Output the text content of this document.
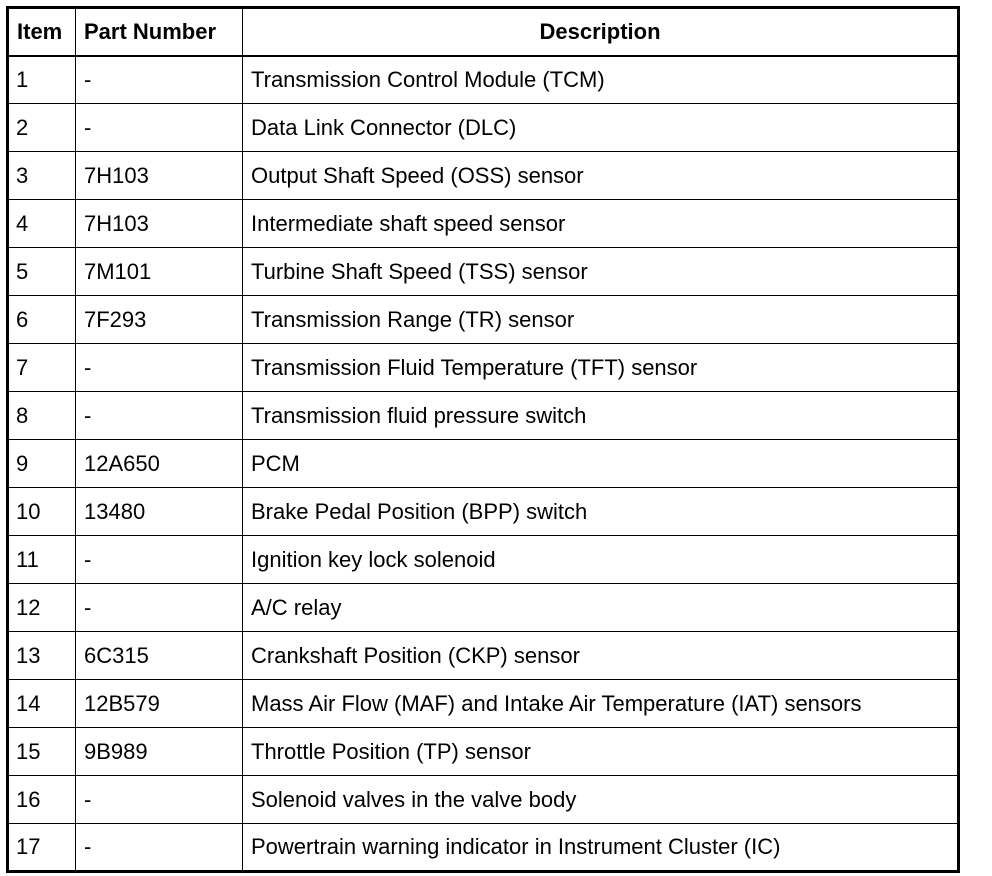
Item	Part Number	Description
1	-	Transmission Control Module (TCM)
2	-	Data Link Connector (DLC)
3	7H103	Output Shaft Speed (OSS) sensor
4	7H103	Intermediate shaft speed sensor
5	7M101	Turbine Shaft Speed (TSS) sensor
6	7F293	Transmission Range (TR) sensor
7	-	Transmission Fluid Temperature (TFT) sensor
8	-	Transmission fluid pressure switch
9	12A650	PCM
10	13480	Brake Pedal Position (BPP) switch
11	-	Ignition key lock solenoid
12	-	A/C relay
13	6C315	Crankshaft Position (CKP) sensor
14	12B579	Mass Air Flow (MAF) and Intake Air Temperature (IAT) sensors
15	9B989	Throttle Position (TP) sensor
16	-	Solenoid valves in the valve body
17	-	Powertrain warning indicator in Instrument Cluster (IC)
